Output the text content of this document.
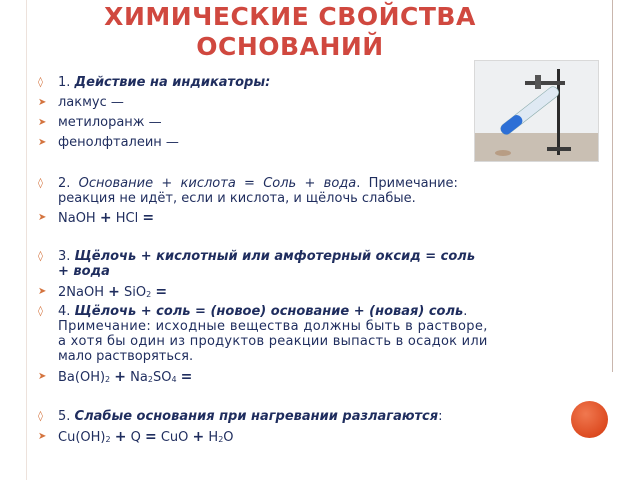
ХИМИЧЕСКИЕ СВОЙСТВА
ОСНОВАНИЙ
◊ 1. Действие на индикаторы:
➤ лакмус —
➤ метилоранж —
➤ фенолфталеин —
◊ 2. Основание + кислота = Соль + вода. Примечание:
реакция не идёт, если и кислота, и щёлочь слабые.
➤ NaOH + HCl =
◊ 3. Щёлочь + кислотный или амфотерный оксид = соль
+ вода
➤ 2NaOH + SiO$_2$ =
◊ 4. Щёлочь + соль = (новое) основание + (новая) соль.
Примечание: исходные вещества должны быть в растворе,
а хотя бы один из продуктов реакции выпасть в осадок или
мало растворяться.
➤ $Ba(OH)_2 + Na_2SO_4$ =
◊ 5. Слабые основания при нагревании разлагаются:
➤ $Cu(OH)_2 + Q$ = CuO + $H_2O$
